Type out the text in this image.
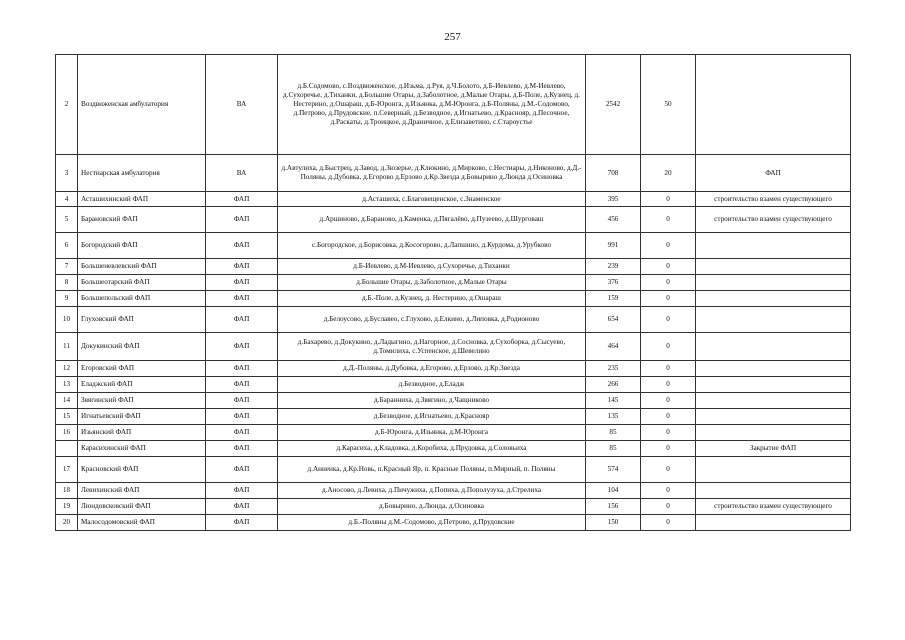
257
2	Воздвиженская амбулатория	ВА	д.Б.Содомово, с.Воздвиженское, д.Изьма, д.Руя, д.Ч.Болото, д.Б-Иевлево, д.М-Иевлево, д.Сухоречье, д.Тиханки, д.Большие Отары, д.Заболотное, д.Малые Отары, д.Б-Поле, д.Кузнец, д. Нестерино, д.Ошараш, д.Б-Юронга, д.Изьянка, д.М-Юронга, д.Б-Поляны, д.М.-Содомово, д.Петрово, д.Прудовские, п.Северный, д.Безводное, д.Игнатьево, д.Краснояр, д.Песочное, д.Раскаты, д.Троицкое, д.Драничное, д.Елизаветино, с.Староустье	2542	50	
3	Нестиарская амбулатория	ВА	д.Автулиха, д.Быстрец, д.Завод, д.Зюзерье, д.Клюкино, д.Мирково, с.Нестиары, д.Никоново, д.Д.-Поляны, д.Дубовка, д.Егорово д.Ерзово д.Кр.Звезда д.Бовырино д.Люнда д.Осиновка	708	20	ФАП
4	Асташихинский ФАП	ФАП	д.Асташиха, с.Благовещенское, с.Знаменское	395	0	строительство взамен существующего
5	Барановский ФАП	ФАП	д.Аршиново, д.Бараново, д.Каменка, д.Пягалёво, д.Пузеево, д.Шурговаш	456	0	строительство взамен существующего
6	Богородский ФАП	ФАП	с.Богородское, д.Борисовка, д.Косогорово, д.Лапшино, д.Курдома, д.Урубково	991	0	
7	Большеиевлевский ФАП	ФАП	д.Б-Иевлево, д.М-Иевлево, д.Сухоречье, д.Тиханки	239	0	
8	Большеотарский ФАП	ФАП	д.Большие Отары, д.Заболотное, д.Малые Отары	376	0	
9	Большепольский ФАП	ФАП	д.Б.-Поле, д.Кузнец, д. Нестерино, д.Ошараш	159	0	
10	Глуховский ФАП	ФАП	д.Белоусово, д.Буславео, с.Глухово, д.Елкино, д.Липовка, д.Родионово	654	0	
11	Докукинский ФАП	ФАП	д.Бахарево, д.Докукино, д.Ладыгино, д.Нагорное, д.Сосновка, д.Сухоборка, д.Сысуево, д.Томилиха, с.Успенское, д.Шевелино	464	0	
12	Егоровский ФАП	ФАП	д.Д.-Поляны, д.Дубовка, д.Егорово, д.Ерзово, д.Кр.Звезда	235	0	
13	Еладжский ФАП	ФАП	д.Безводное, д.Еладж	266	0	
14	Звягинский ФАП	ФАП	д.Баранниха, д.Звягино, д.Чащниково	145	0	
15	Игнатьевский ФАП	ФАП	д.Безводное, д.Игнатьево, д.Краснояр	135	0	
16	Изьянский ФАП	ФАП	д.Б-Юронга, д.Изьянка, д.М-Юронга	85	0	
	Карасихинский ФАП	ФАП	д.Карасиха, д.Кладовка, д.Коробиха, д.Прудовка, д.Соловьиха	85	0	Закрытие ФАП
17	Красновский ФАП	ФАП	д.Анненка, д.Кр.Новь, п.Красный Яр, п. Красные Поляны, п.Мирный, п. Поляны	574	0	
18	Левихинский ФАП	ФАП	д.Аносово, д.Левиха, д.Пичужиха, д.Попиха, д.Пополузуха, д.Стрелиха	104	0	
19	Люндовсковский ФАП	ФАП	д.Бовырино, д.Люнда, д.Осиновка	156	0	строительство взамен существующего
20	Малосодомовский ФАП	ФАП	д.Б.-Поляны д.М.-Содомово, д.Петрово, д.Прудовские	150	0	
